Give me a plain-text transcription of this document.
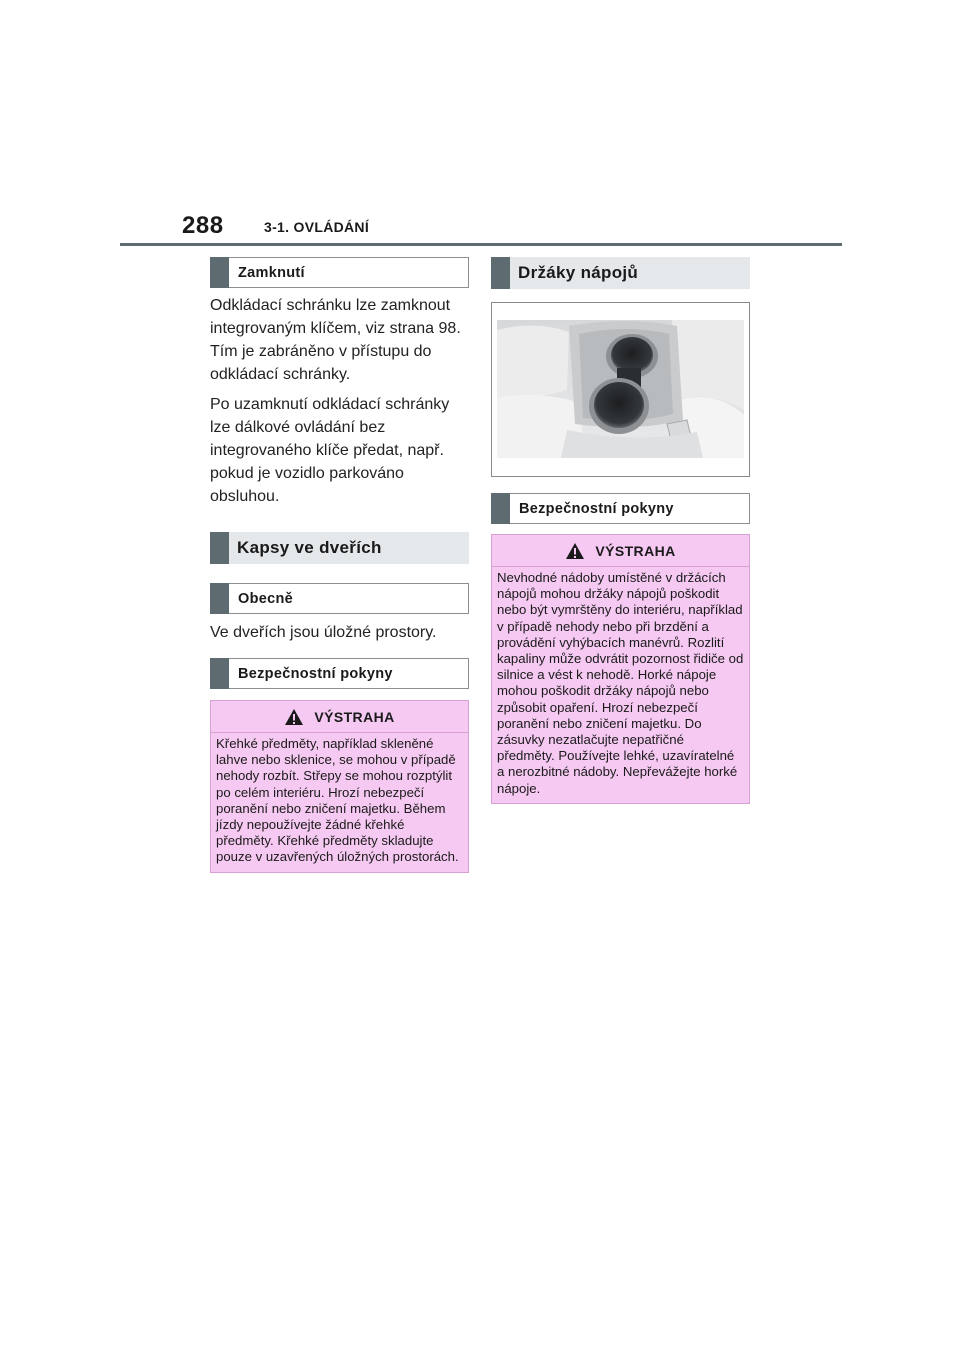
288	3-1. OVLÁDÁNÍ
Zamknutí

Odkládací schránku lze zamknout integrovaným klíčem, viz strana 98. Tím je zabráněno v přístupu do odkládací schránky.

Po uzamknutí odkládací schránky lze dálkové ovládání bez integrovaného klíče předat, např. pokud je vozidlo parkováno obsluhou.

Kapsy ve dveřích
Obecně

Ve dveřích jsou úložné prostory.

Bezpečnostní pokyny
VÝSTRAHA

Křehké předměty, například skleněné lahve nebo sklenice, se mohou v případě nehody rozbít. Střepy se mohou rozptýlit po celém interiéru. Hrozí nebezpečí poranění nebo zničení majetku. Během jízdy nepoužívejte žádné křehké předměty. Křehké předměty skladujte pouze v uzavřených úložných prostorách.

Držáky nápojů
Bezpečnostní pokyny
VÝSTRAHA

Nevhodné nádoby umístěné v držácích nápojů mohou držáky nápojů poškodit nebo být vymrštěny do interiéru, například v případě nehody nebo při brzdění a provádění vyhýbacích manévrů. Rozlití kapaliny může odvrátit pozornost řidiče od silnice a vést k nehodě. Horké nápoje mohou poškodit držáky nápojů nebo způsobit opaření. Hrozí nebezpečí poranění nebo zničení majetku. Do zásuvky nezatlačujte nepatřičné předměty. Používejte lehké, uzavíratelné a nerozbitné nádoby. Nepřevážejte horké nápoje.
